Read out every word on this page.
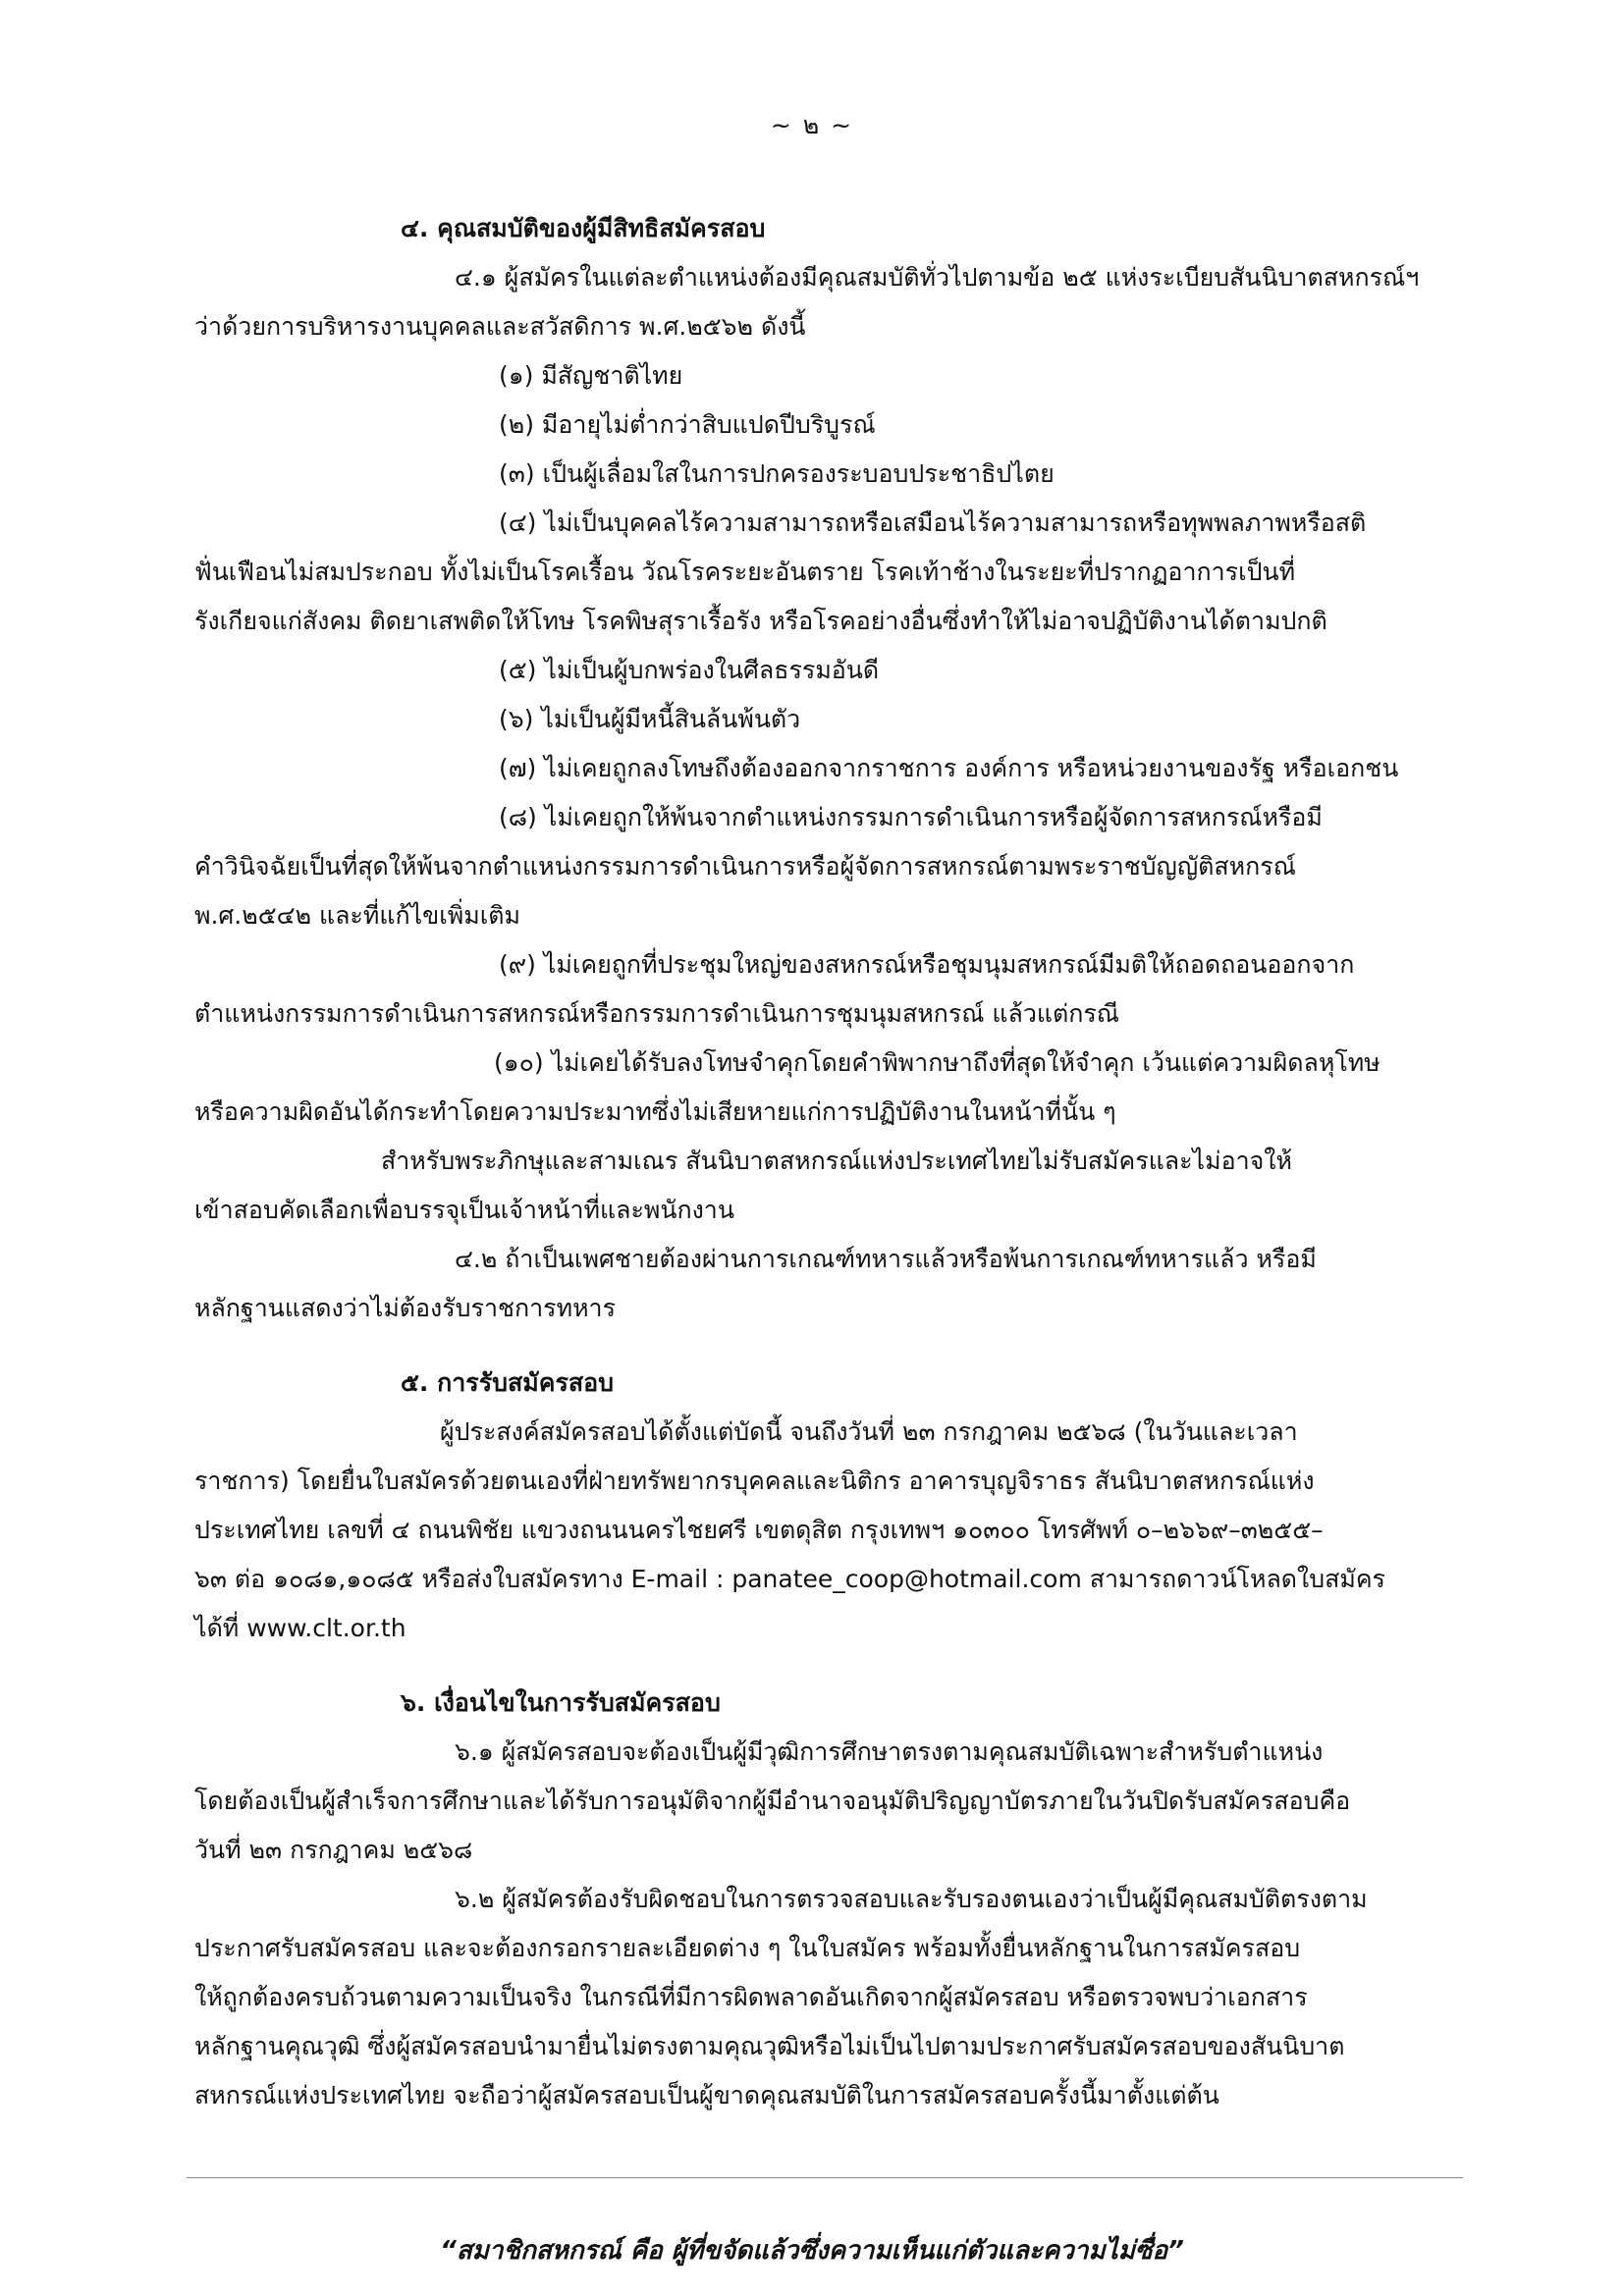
~ ๒ ~
๔. คุณสมบัติของผู้มีสิทธิสมัครสอบ
๔.๑ ผู้สมัครในแต่ละตำแหน่งต้องมีคุณสมบัติทั่วไปตามข้อ ๒๕ แห่งระเบียบสันนิบาตสหกรณ์ฯ
ว่าด้วยการบริหารงานบุคคลและสวัสดิการ พ.ศ.๒๕๖๒ ดังนี้
(๑) มีสัญชาติไทย
(๒) มีอายุไม่ต่ำกว่าสิบแปดปีบริบูรณ์
(๓) เป็นผู้เลื่อมใสในการปกครองระบอบประชาธิปไตย
(๔) ไม่เป็นบุคคลไร้ความสามารถหรือเสมือนไร้ความสามารถหรือทุพพลภาพหรือสติ
ฟั่นเฟือนไม่สมประกอบ ทั้งไม่เป็นโรคเรื้อน วัณโรคระยะอันตราย โรคเท้าช้างในระยะที่ปรากฏอาการเป็นที่
รังเกียจแก่สังคม ติดยาเสพติดให้โทษ โรคพิษสุราเรื้อรัง หรือโรคอย่างอื่นซึ่งทำให้ไม่อาจปฏิบัติงานได้ตามปกติ
(๕) ไม่เป็นผู้บกพร่องในศีลธรรมอันดี
(๖) ไม่เป็นผู้มีหนี้สินล้นพ้นตัว
(๗) ไม่เคยถูกลงโทษถึงต้องออกจากราชการ องค์การ หรือหน่วยงานของรัฐ หรือเอกชน
(๘) ไม่เคยถูกให้พ้นจากตำแหน่งกรรมการดำเนินการหรือผู้จัดการสหกรณ์หรือมี
คำวินิจฉัยเป็นที่สุดให้พ้นจากตำแหน่งกรรมการดำเนินการหรือผู้จัดการสหกรณ์ตามพระราชบัญญัติสหกรณ์
พ.ศ.๒๕๔๒ และที่แก้ไขเพิ่มเติม
(๙) ไม่เคยถูกที่ประชุมใหญ่ของสหกรณ์หรือชุมนุมสหกรณ์มีมติให้ถอดถอนออกจาก
ตำแหน่งกรรมการดำเนินการสหกรณ์หรือกรรมการดำเนินการชุมนุมสหกรณ์ แล้วแต่กรณี
(๑๐) ไม่เคยได้รับลงโทษจำคุกโดยคำพิพากษาถึงที่สุดให้จำคุก เว้นแต่ความผิดลหุโทษ
หรือความผิดอันได้กระทำโดยความประมาทซึ่งไม่เสียหายแก่การปฏิบัติงานในหน้าที่นั้น ๆ
สำหรับพระภิกษุและสามเณร สันนิบาตสหกรณ์แห่งประเทศไทยไม่รับสมัครและไม่อาจให้
เข้าสอบคัดเลือกเพื่อบรรจุเป็นเจ้าหน้าที่และพนักงาน
๔.๒ ถ้าเป็นเพศชายต้องผ่านการเกณฑ์ทหารแล้วหรือพ้นการเกณฑ์ทหารแล้ว หรือมี
หลักฐานแสดงว่าไม่ต้องรับราชการทหาร
๕. การรับสมัครสอบ
ผู้ประสงค์สมัครสอบได้ตั้งแต่บัดนี้ จนถึงวันที่ ๒๓ กรกฎาคม ๒๕๖๘ (ในวันและเวลา
ราชการ) โดยยื่นใบสมัครด้วยตนเองที่ฝ่ายทรัพยากรบุคคลและนิติกร อาคารบุญจิราธร สันนิบาตสหกรณ์แห่ง
ประเทศไทย เลขที่ ๔ ถนนพิชัย แขวงถนนนครไชยศรี เขตดุสิต กรุงเทพฯ ๑๐๓๐๐ โทรศัพท์ ๐–๒๖๖๙–๓๒๕๕–
๖๓ ต่อ ๑๐๘๑,๑๐๘๕ หรือส่งใบสมัครทาง E-mail : panatee_coop@hotmail.com สามารถดาวน์โหลดใบสมัคร
ได้ที่ www.clt.or.th
๖. เงื่อนไขในการรับสมัครสอบ
๖.๑ ผู้สมัครสอบจะต้องเป็นผู้มีวุฒิการศึกษาตรงตามคุณสมบัติเฉพาะสำหรับตำแหน่ง
โดยต้องเป็นผู้สำเร็จการศึกษาและได้รับการอนุมัติจากผู้มีอำนาจอนุมัติปริญญาบัตรภายในวันปิดรับสมัครสอบคือ
วันที่ ๒๓ กรกฎาคม ๒๕๖๘
๖.๒ ผู้สมัครต้องรับผิดชอบในการตรวจสอบและรับรองตนเองว่าเป็นผู้มีคุณสมบัติตรงตาม
ประกาศรับสมัครสอบ และจะต้องกรอกรายละเอียดต่าง ๆ ในใบสมัคร พร้อมทั้งยื่นหลักฐานในการสมัครสอบ
ให้ถูกต้องครบถ้วนตามความเป็นจริง ในกรณีที่มีการผิดพลาดอันเกิดจากผู้สมัครสอบ หรือตรวจพบว่าเอกสาร
หลักฐานคุณวุฒิ ซึ่งผู้สมัครสอบนำมายื่นไม่ตรงตามคุณวุฒิหรือไม่เป็นไปตามประกาศรับสมัครสอบของสันนิบาต
สหกรณ์แห่งประเทศไทย จะถือว่าผู้สมัครสอบเป็นผู้ขาดคุณสมบัติในการสมัครสอบครั้งนี้มาตั้งแต่ต้น
“สมาชิกสหกรณ์ คือ ผู้ที่ขจัดแล้วซึ่งความเห็นแก่ตัวและความไม่ซื่อ”
